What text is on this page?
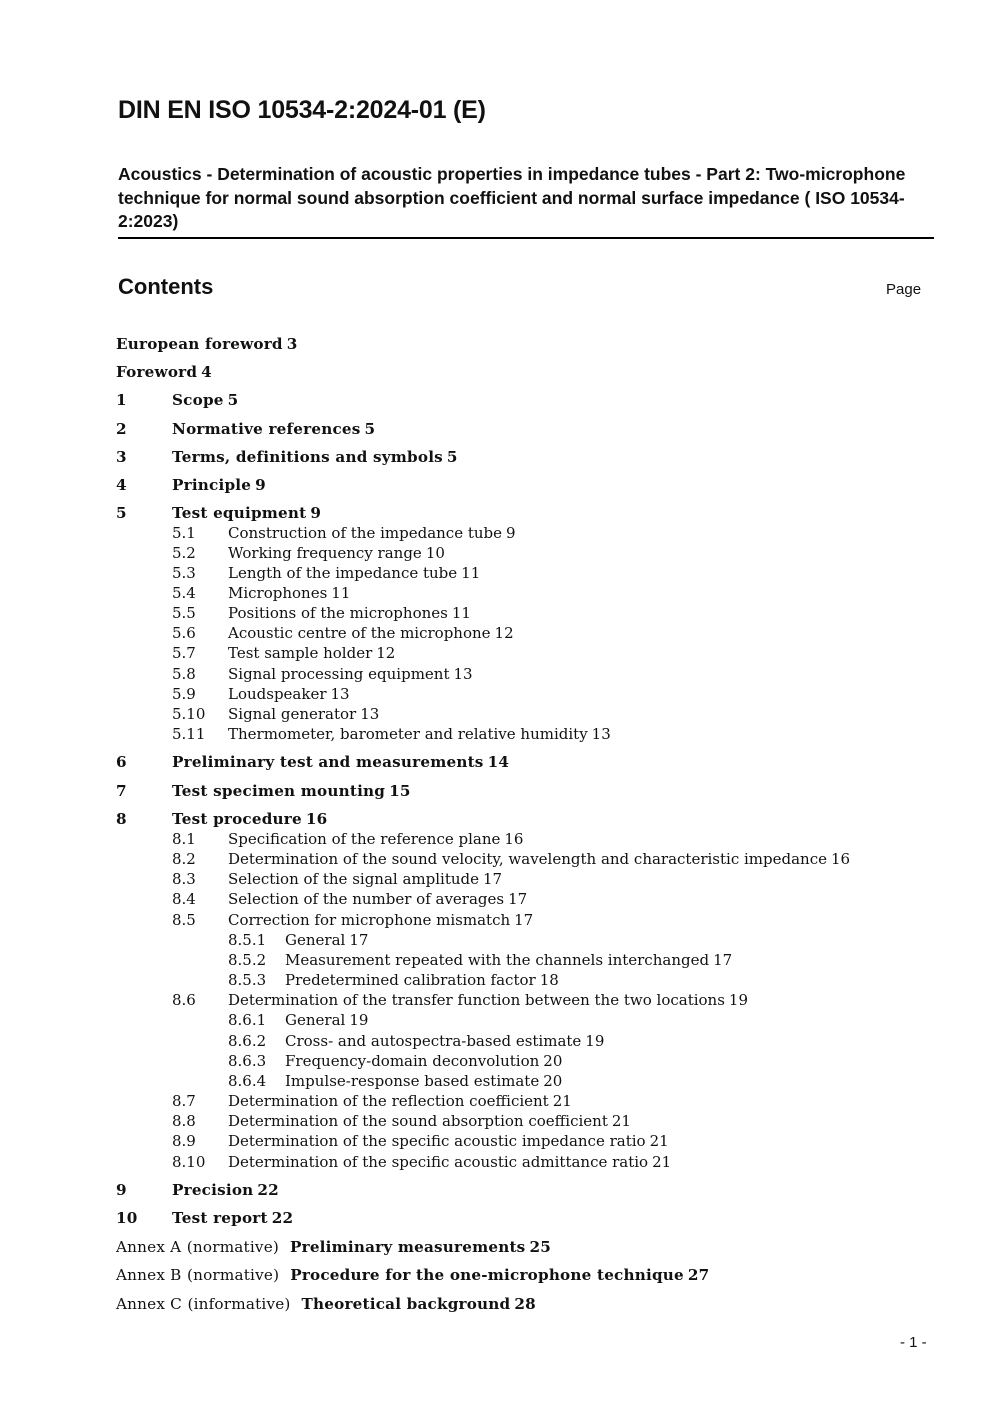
DIN EN ISO 10534-2:2024-01 (E)
Acoustics - Determination of acoustic properties in impedance tubes - Part 2: Two-microphone technique for normal sound absorption coefficient and normal surface impedance ( ISO 10534-2:2023)
Contents	Page
European foreword 3
Foreword 4
1	Scope 5
2	Normative references 5
3	Terms, definitions and symbols 5
4	Principle 9
5	Test equipment 9
5.1 Construction of the impedance tube 9
5.2 Working frequency range 10
5.3 Length of the impedance tube 11
5.4 Microphones 11
5.5 Positions of the microphones 11
5.6 Acoustic centre of the microphone 12
5.7 Test sample holder 12
5.8 Signal processing equipment 13
5.9 Loudspeaker 13
5.10 Signal generator 13
5.11 Thermometer, barometer and relative humidity 13
6	Preliminary test and measurements 14
7	Test specimen mounting 15
8	Test procedure 16
8.1 Specification of the reference plane 16
8.2 Determination of the sound velocity, wavelength and characteristic impedance 16
8.3 Selection of the signal amplitude 17
8.4 Selection of the number of averages 17
8.5 Correction for microphone mismatch 17
8.5.1 General 17
8.5.2 Measurement repeated with the channels interchanged 17
8.5.3 Predetermined calibration factor 18
8.6 Determination of the transfer function between the two locations 19
8.6.1 General 19
8.6.2 Cross- and autospectra-based estimate 19
8.6.3 Frequency-domain deconvolution 20
8.6.4 Impulse-response based estimate 20
8.7 Determination of the reflection coefficient 21
8.8 Determination of the sound absorption coefficient 21
8.9 Determination of the specific acoustic impedance ratio 21
8.10 Determination of the specific acoustic admittance ratio 21
9	Precision 22
10 Test report 22
Annex A (normative) Preliminary measurements 25
Annex B (normative) Procedure for the one-microphone technique 27
Annex C (informative) Theoretical background 28
- 1 -
